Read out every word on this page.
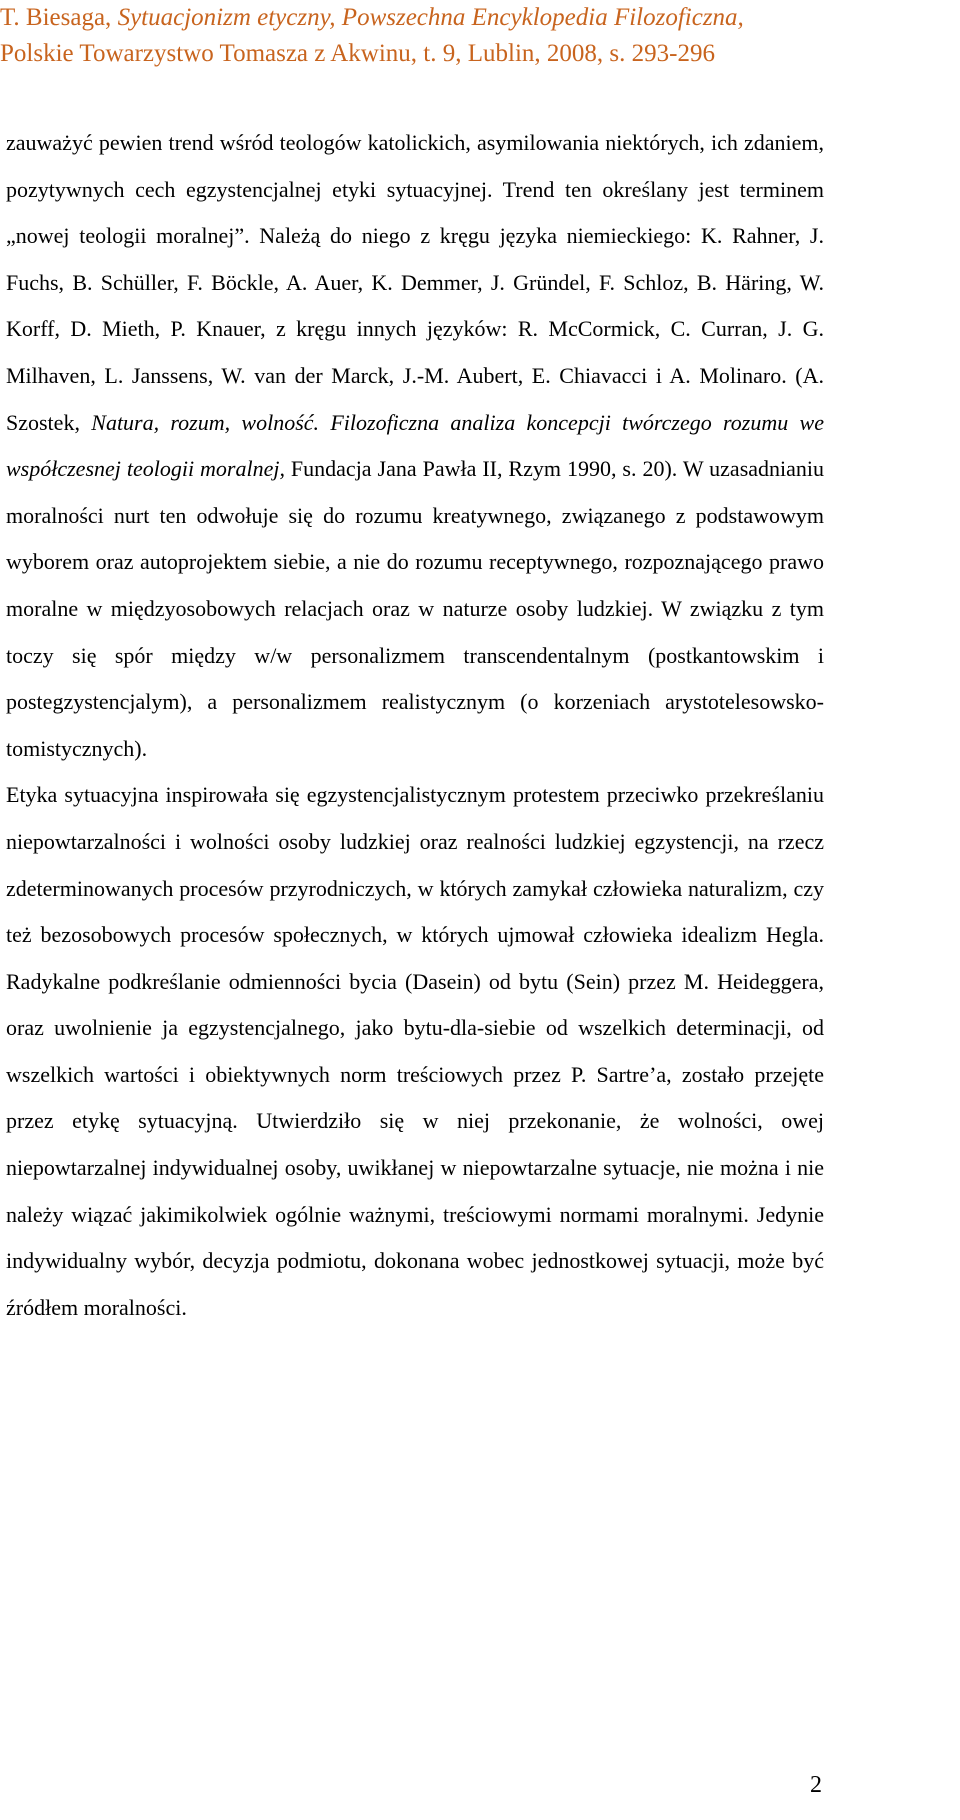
T. Biesaga, Sytuacjonizm etyczny, Powszechna Encyklopedia Filozoficzna,
Polskie Towarzystwo Tomasza z Akwinu, t. 9, Lublin, 2008, s. 293-296

zauważyć pewien trend wśród teologów katolickich, asymilowania niektórych, ich zdaniem, pozytywnych cech egzystencjalnej etyki sytuacyjnej. Trend ten określany jest terminem „nowej teologii moralnej”. Należą do niego z kręgu języka niemieckiego: K. Rahner, J. Fuchs, B. Schüller, F. Böckle, A. Auer, K. Demmer, J. Gründel, F. Schloz, B. Häring, W. Korff, D. Mieth, P. Knauer, z kręgu innych języków: R. McCormick, C. Curran, J. G. Milhaven, L. Janssens, W. van der Marck, J.-M. Aubert, E. Chiavacci i A. Molinaro. (A. Szostek, Natura, rozum, wolność. Filozoficzna analiza koncepcji twórczego rozumu we współczesnej teologii moralnej, Fundacja Jana Pawła II, Rzym 1990, s. 20). W uzasadnianiu moralności nurt ten odwołuje się do rozumu kreatywnego, związanego z podstawowym wyborem oraz autoprojektem siebie, a nie do rozumu receptywnego, rozpoznającego prawo moralne w międzyosobowych relacjach oraz w naturze osoby ludzkiej. W związku z tym toczy się spór między w/w personalizmem transcendentalnym (postkantowskim i postegzystencjalym), a personalizmem realistycznym (o korzeniach arystotelesowsko-tomistycznych).

Etyka sytuacyjna inspirowała się egzystencjalistycznym protestem przeciwko przekreślaniu niepowtarzalności i wolności osoby ludzkiej oraz realności ludzkiej egzystencji, na rzecz zdeterminowanych procesów przyrodniczych, w których zamykał człowieka naturalizm, czy też bezosobowych procesów społecznych, w których ujmował człowieka idealizm Hegla. Radykalne podkreślanie odmienności bycia (Dasein) od bytu (Sein) przez M. Heideggera, oraz uwolnienie ja egzystencjalnego, jako bytu-dla-siebie od wszelkich determinacji, od wszelkich wartości i obiektywnych norm treściowych przez P. Sartre’a, zostało przejęte przez etykę sytuacyjną. Utwierdziło się w niej przekonanie, że wolności, owej niepowtarzalnej indywidualnej osoby, uwikłanej w niepowtarzalne sytuacje, nie można i nie należy wiązać jakimikolwiek ogólnie ważnymi, treściowymi normami moralnymi. Jedynie indywidualny wybór, decyzja podmiotu, dokonana wobec jednostkowej sytuacji, może być źródłem moralności.

2
